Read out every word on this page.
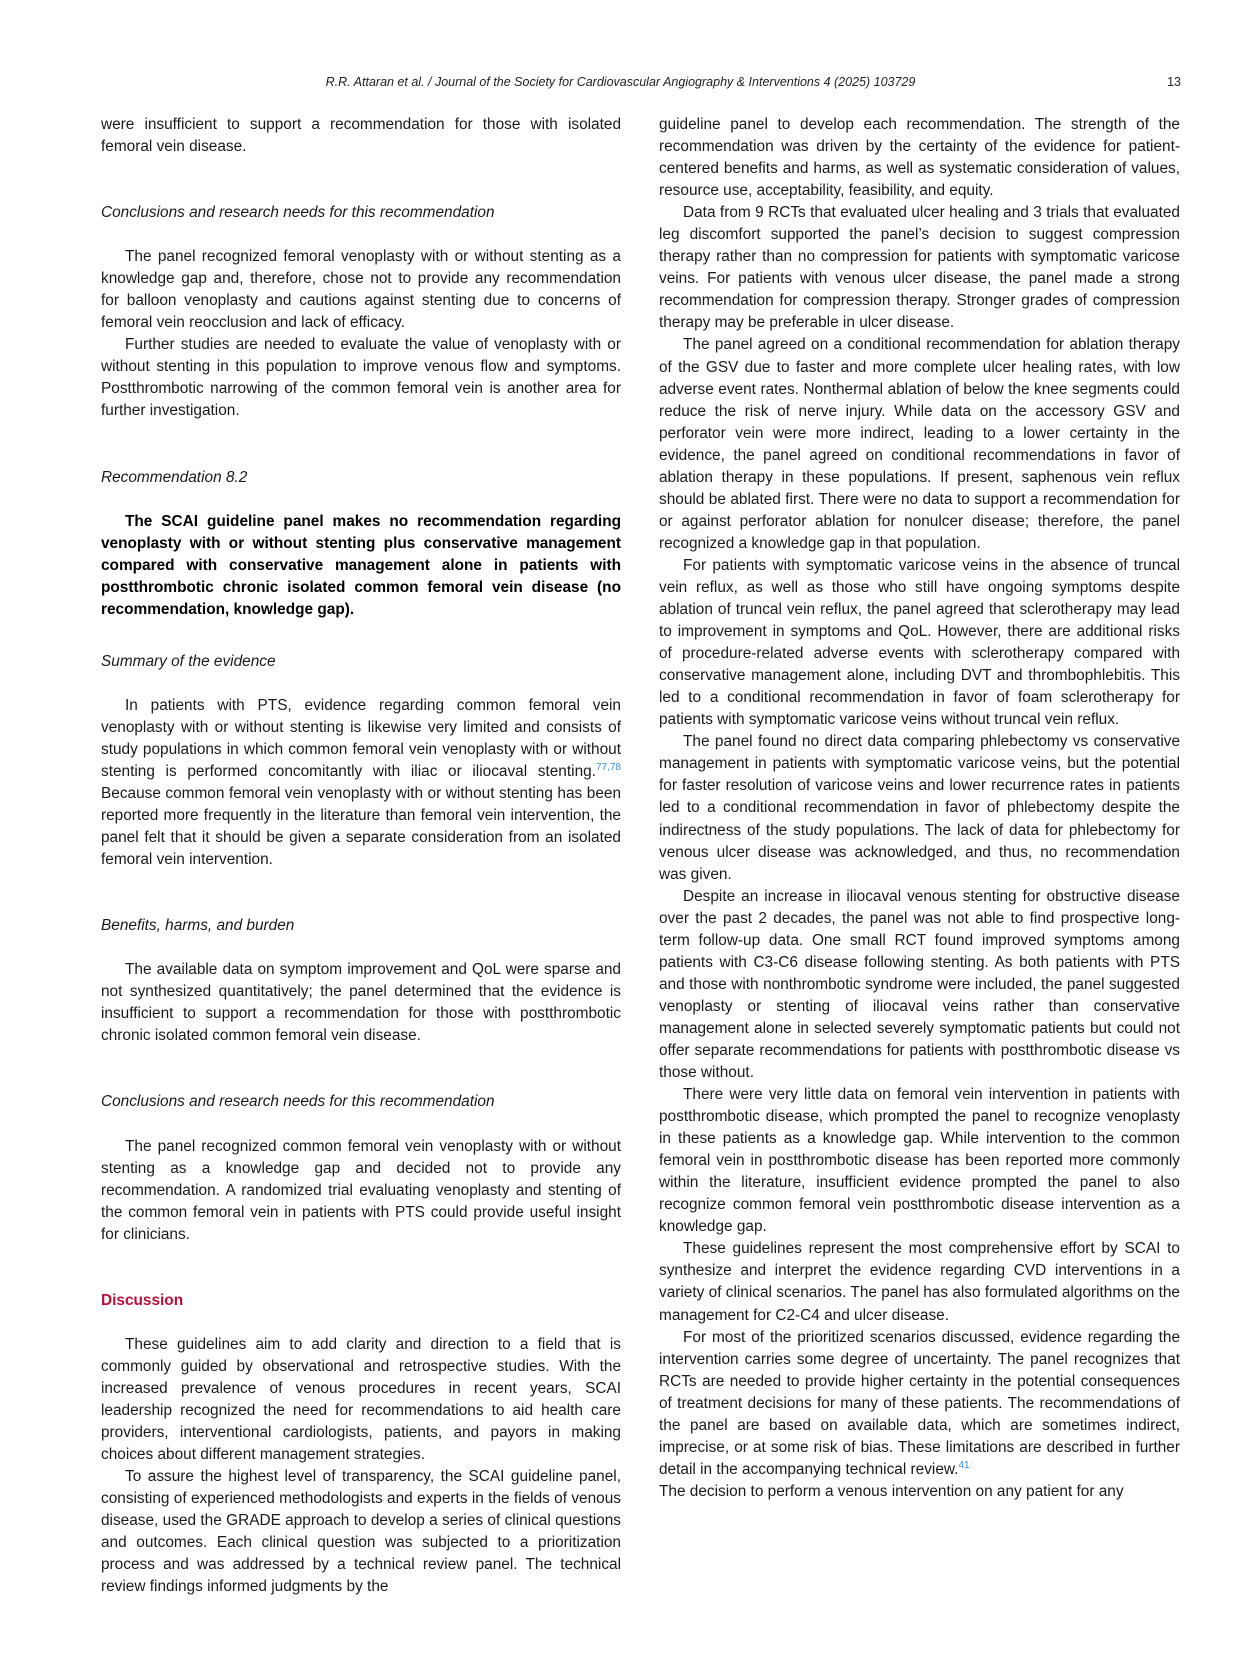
R.R. Attaran et al. / Journal of the Society for Cardiovascular Angiography & Interventions 4 (2025) 103729	13

were insufficient to support a recommendation for those with isolated femoral vein disease.

Conclusions and research needs for this recommendation

The panel recognized femoral venoplasty with or without stenting as a knowledge gap and, therefore, chose not to provide any recommendation for balloon venoplasty and cautions against stenting due to concerns of femoral vein reocclusion and lack of efficacy.

Further studies are needed to evaluate the value of venoplasty with or without stenting in this population to improve venous flow and symptoms. Postthrombotic narrowing of the common femoral vein is another area for further investigation.

Recommendation 8.2

The SCAI guideline panel makes no recommendation regarding venoplasty with or without stenting plus conservative management compared with conservative management alone in patients with postthrombotic chronic isolated common femoral vein disease (no recommendation, knowledge gap).

Summary of the evidence

In patients with PTS, evidence regarding common femoral vein venoplasty with or without stenting is likewise very limited and consists of study populations in which common femoral vein venoplasty with or without stenting is performed concomitantly with iliac or iliocaval stenting.$^{77,78}$ Because common femoral vein venoplasty with or without stenting has been reported more frequently in the literature than femoral vein intervention, the panel felt that it should be given a separate consideration from an isolated femoral vein intervention.

Benefits, harms, and burden

The available data on symptom improvement and QoL were sparse and not synthesized quantitatively; the panel determined that the evidence is insufficient to support a recommendation for those with postthrombotic chronic isolated common femoral vein disease.

Conclusions and research needs for this recommendation

The panel recognized common femoral vein venoplasty with or without stenting as a knowledge gap and decided not to provide any recommendation. A randomized trial evaluating venoplasty and stenting of the common femoral vein in patients with PTS could provide useful insight for clinicians.

Discussion

These guidelines aim to add clarity and direction to a field that is commonly guided by observational and retrospective studies. With the increased prevalence of venous procedures in recent years, SCAI leadership recognized the need for recommendations to aid health care providers, interventional cardiologists, patients, and payors in making choices about different management strategies.

To assure the highest level of transparency, the SCAI guideline panel, consisting of experienced methodologists and experts in the fields of venous disease, used the GRADE approach to develop a series of clinical questions and outcomes. Each clinical question was subjected to a prioritization process and was addressed by a technical review panel. The technical review findings informed judgments by the

guideline panel to develop each recommendation. The strength of the recommendation was driven by the certainty of the evidence for patient-centered benefits and harms, as well as systematic consideration of values, resource use, acceptability, feasibility, and equity.

Data from 9 RCTs that evaluated ulcer healing and 3 trials that evaluated leg discomfort supported the panel’s decision to suggest compression therapy rather than no compression for patients with symptomatic varicose veins. For patients with venous ulcer disease, the panel made a strong recommendation for compression therapy. Stronger grades of compression therapy may be preferable in ulcer disease.

The panel agreed on a conditional recommendation for ablation therapy of the GSV due to faster and more complete ulcer healing rates, with low adverse event rates. Nonthermal ablation of below the knee segments could reduce the risk of nerve injury. While data on the accessory GSV and perforator vein were more indirect, leading to a lower certainty in the evidence, the panel agreed on conditional recommendations in favor of ablation therapy in these populations. If present, saphenous vein reflux should be ablated first. There were no data to support a recommendation for or against perforator ablation for nonulcer disease; therefore, the panel recognized a knowledge gap in that population.

For patients with symptomatic varicose veins in the absence of truncal vein reflux, as well as those who still have ongoing symptoms despite ablation of truncal vein reflux, the panel agreed that sclerotherapy may lead to improvement in symptoms and QoL. However, there are additional risks of procedure-related adverse events with sclerotherapy compared with conservative management alone, including DVT and thrombophlebitis. This led to a conditional recommendation in favor of foam sclerotherapy for patients with symptomatic varicose veins without truncal vein reflux.

The panel found no direct data comparing phlebectomy vs conservative management in patients with symptomatic varicose veins, but the potential for faster resolution of varicose veins and lower recurrence rates in patients led to a conditional recommendation in favor of phlebectomy despite the indirectness of the study populations. The lack of data for phlebectomy for venous ulcer disease was acknowledged, and thus, no recommendation was given.

Despite an increase in iliocaval venous stenting for obstructive disease over the past 2 decades, the panel was not able to find prospective long-term follow-up data. One small RCT found improved symptoms among patients with C3-C6 disease following stenting. As both patients with PTS and those with nonthrombotic syndrome were included, the panel suggested venoplasty or stenting of iliocaval veins rather than conservative management alone in selected severely symptomatic patients but could not offer separate recommendations for patients with postthrombotic disease vs those without.

There were very little data on femoral vein intervention in patients with postthrombotic disease, which prompted the panel to recognize venoplasty in these patients as a knowledge gap. While intervention to the common femoral vein in postthrombotic disease has been reported more commonly within the literature, insufficient evidence prompted the panel to also recognize common femoral vein postthrombotic disease intervention as a knowledge gap.

These guidelines represent the most comprehensive effort by SCAI to synthesize and interpret the evidence regarding CVD interventions in a variety of clinical scenarios. The panel has also formulated algorithms on the management for C2-C4 and ulcer disease.

For most of the prioritized scenarios discussed, evidence regarding the intervention carries some degree of uncertainty. The panel recognizes that RCTs are needed to provide higher certainty in the potential consequences of treatment decisions for many of these patients. The recommendations of the panel are based on available data, which are sometimes indirect, imprecise, or at some risk of bias. These limitations are described in further detail in the accompanying technical review.$^{41}$

The decision to perform a venous intervention on any patient for any
